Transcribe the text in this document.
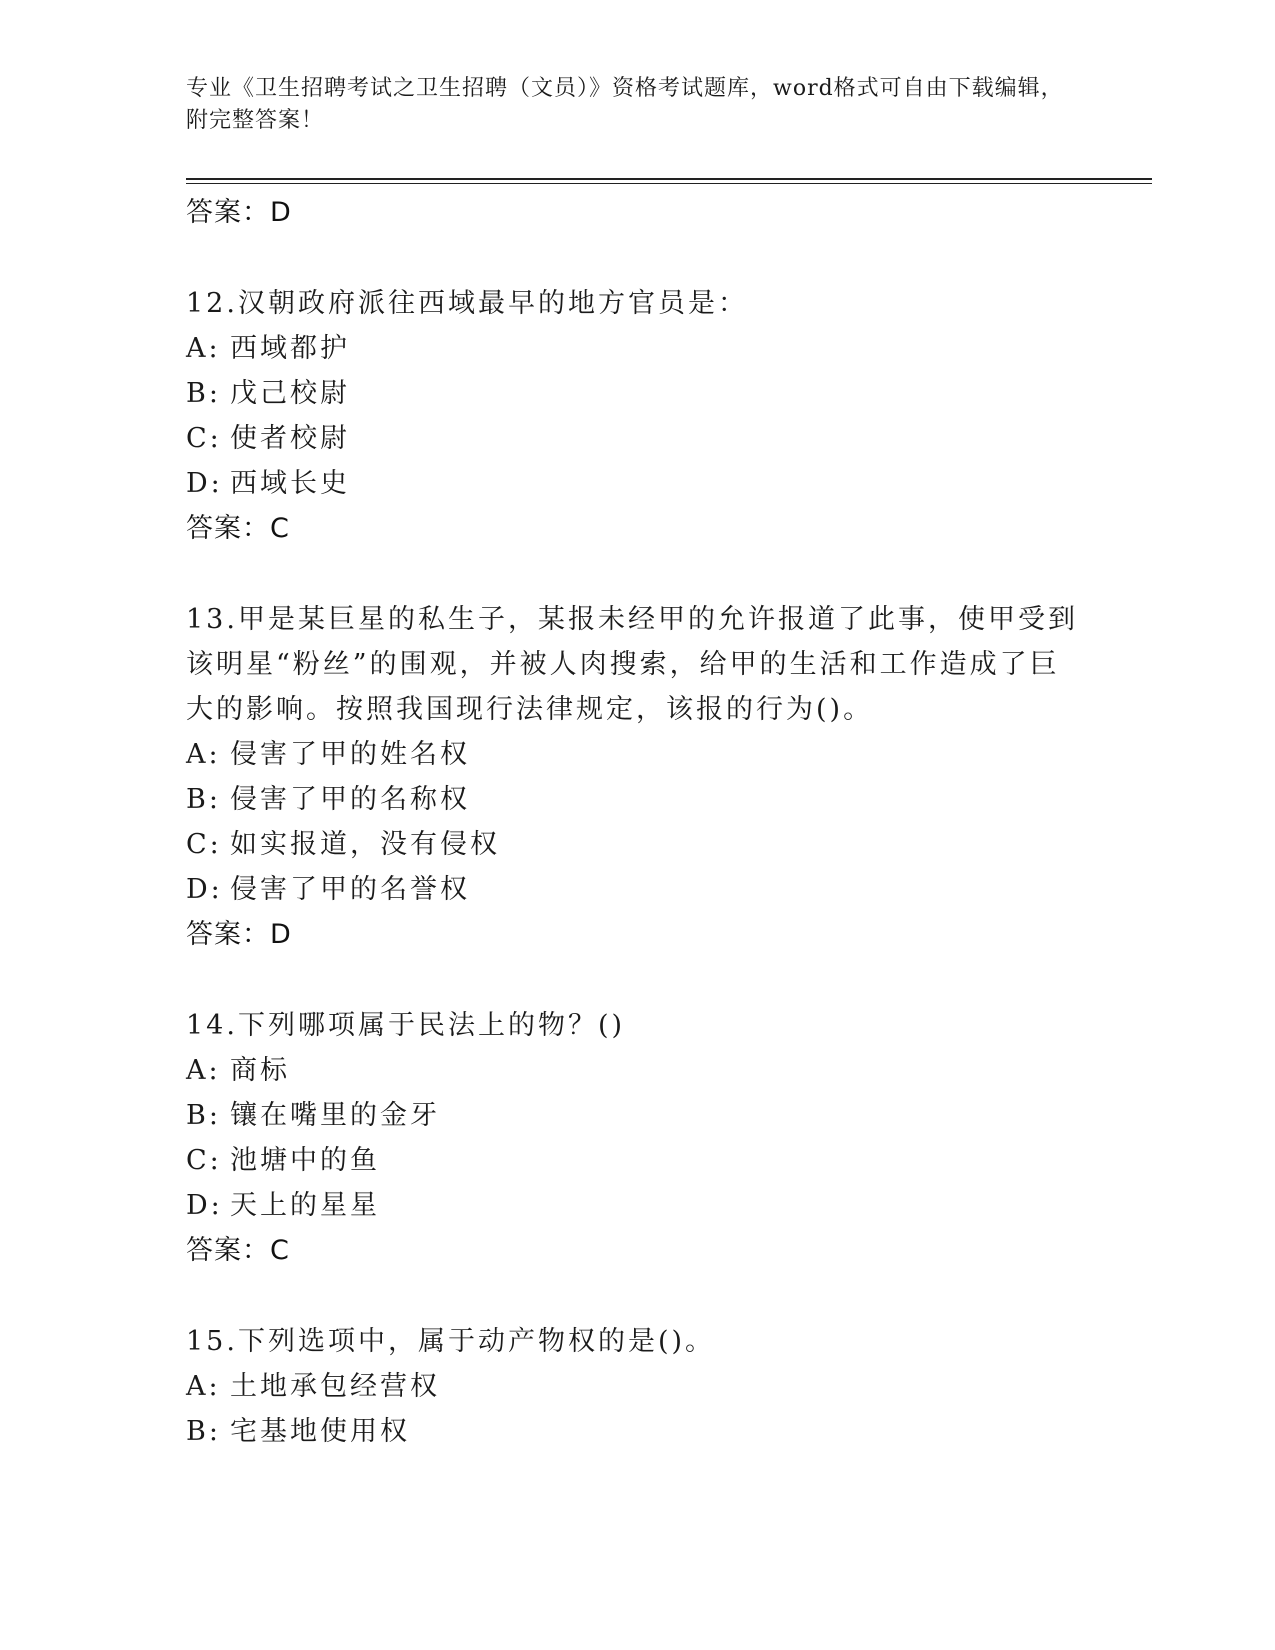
专业《卫生招聘考试之卫生招聘（文员）》资格考试题库，word格式可自由下载编辑，附完整答案！
答案：D
12.汉朝政府派往西域最早的地方官员是：
A: 西域都护
B: 戊己校尉
C: 使者校尉
D: 西域长史
答案：C
13.甲是某巨星的私生子，某报未经甲的允许报道了此事，使甲受到该明星“粉丝”的围观，并被人肉搜索，给甲的生活和工作造成了巨大的影响。按照我国现行法律规定，该报的行为()。
A: 侵害了甲的姓名权
B: 侵害了甲的名称权
C: 如实报道，没有侵权
D: 侵害了甲的名誉权
答案：D
14.下列哪项属于民法上的物？()
A: 商标
B: 镶在嘴里的金牙
C: 池塘中的鱼
D: 天上的星星
答案：C
15.下列选项中，属于动产物权的是()。
A: 土地承包经营权
B: 宅基地使用权
